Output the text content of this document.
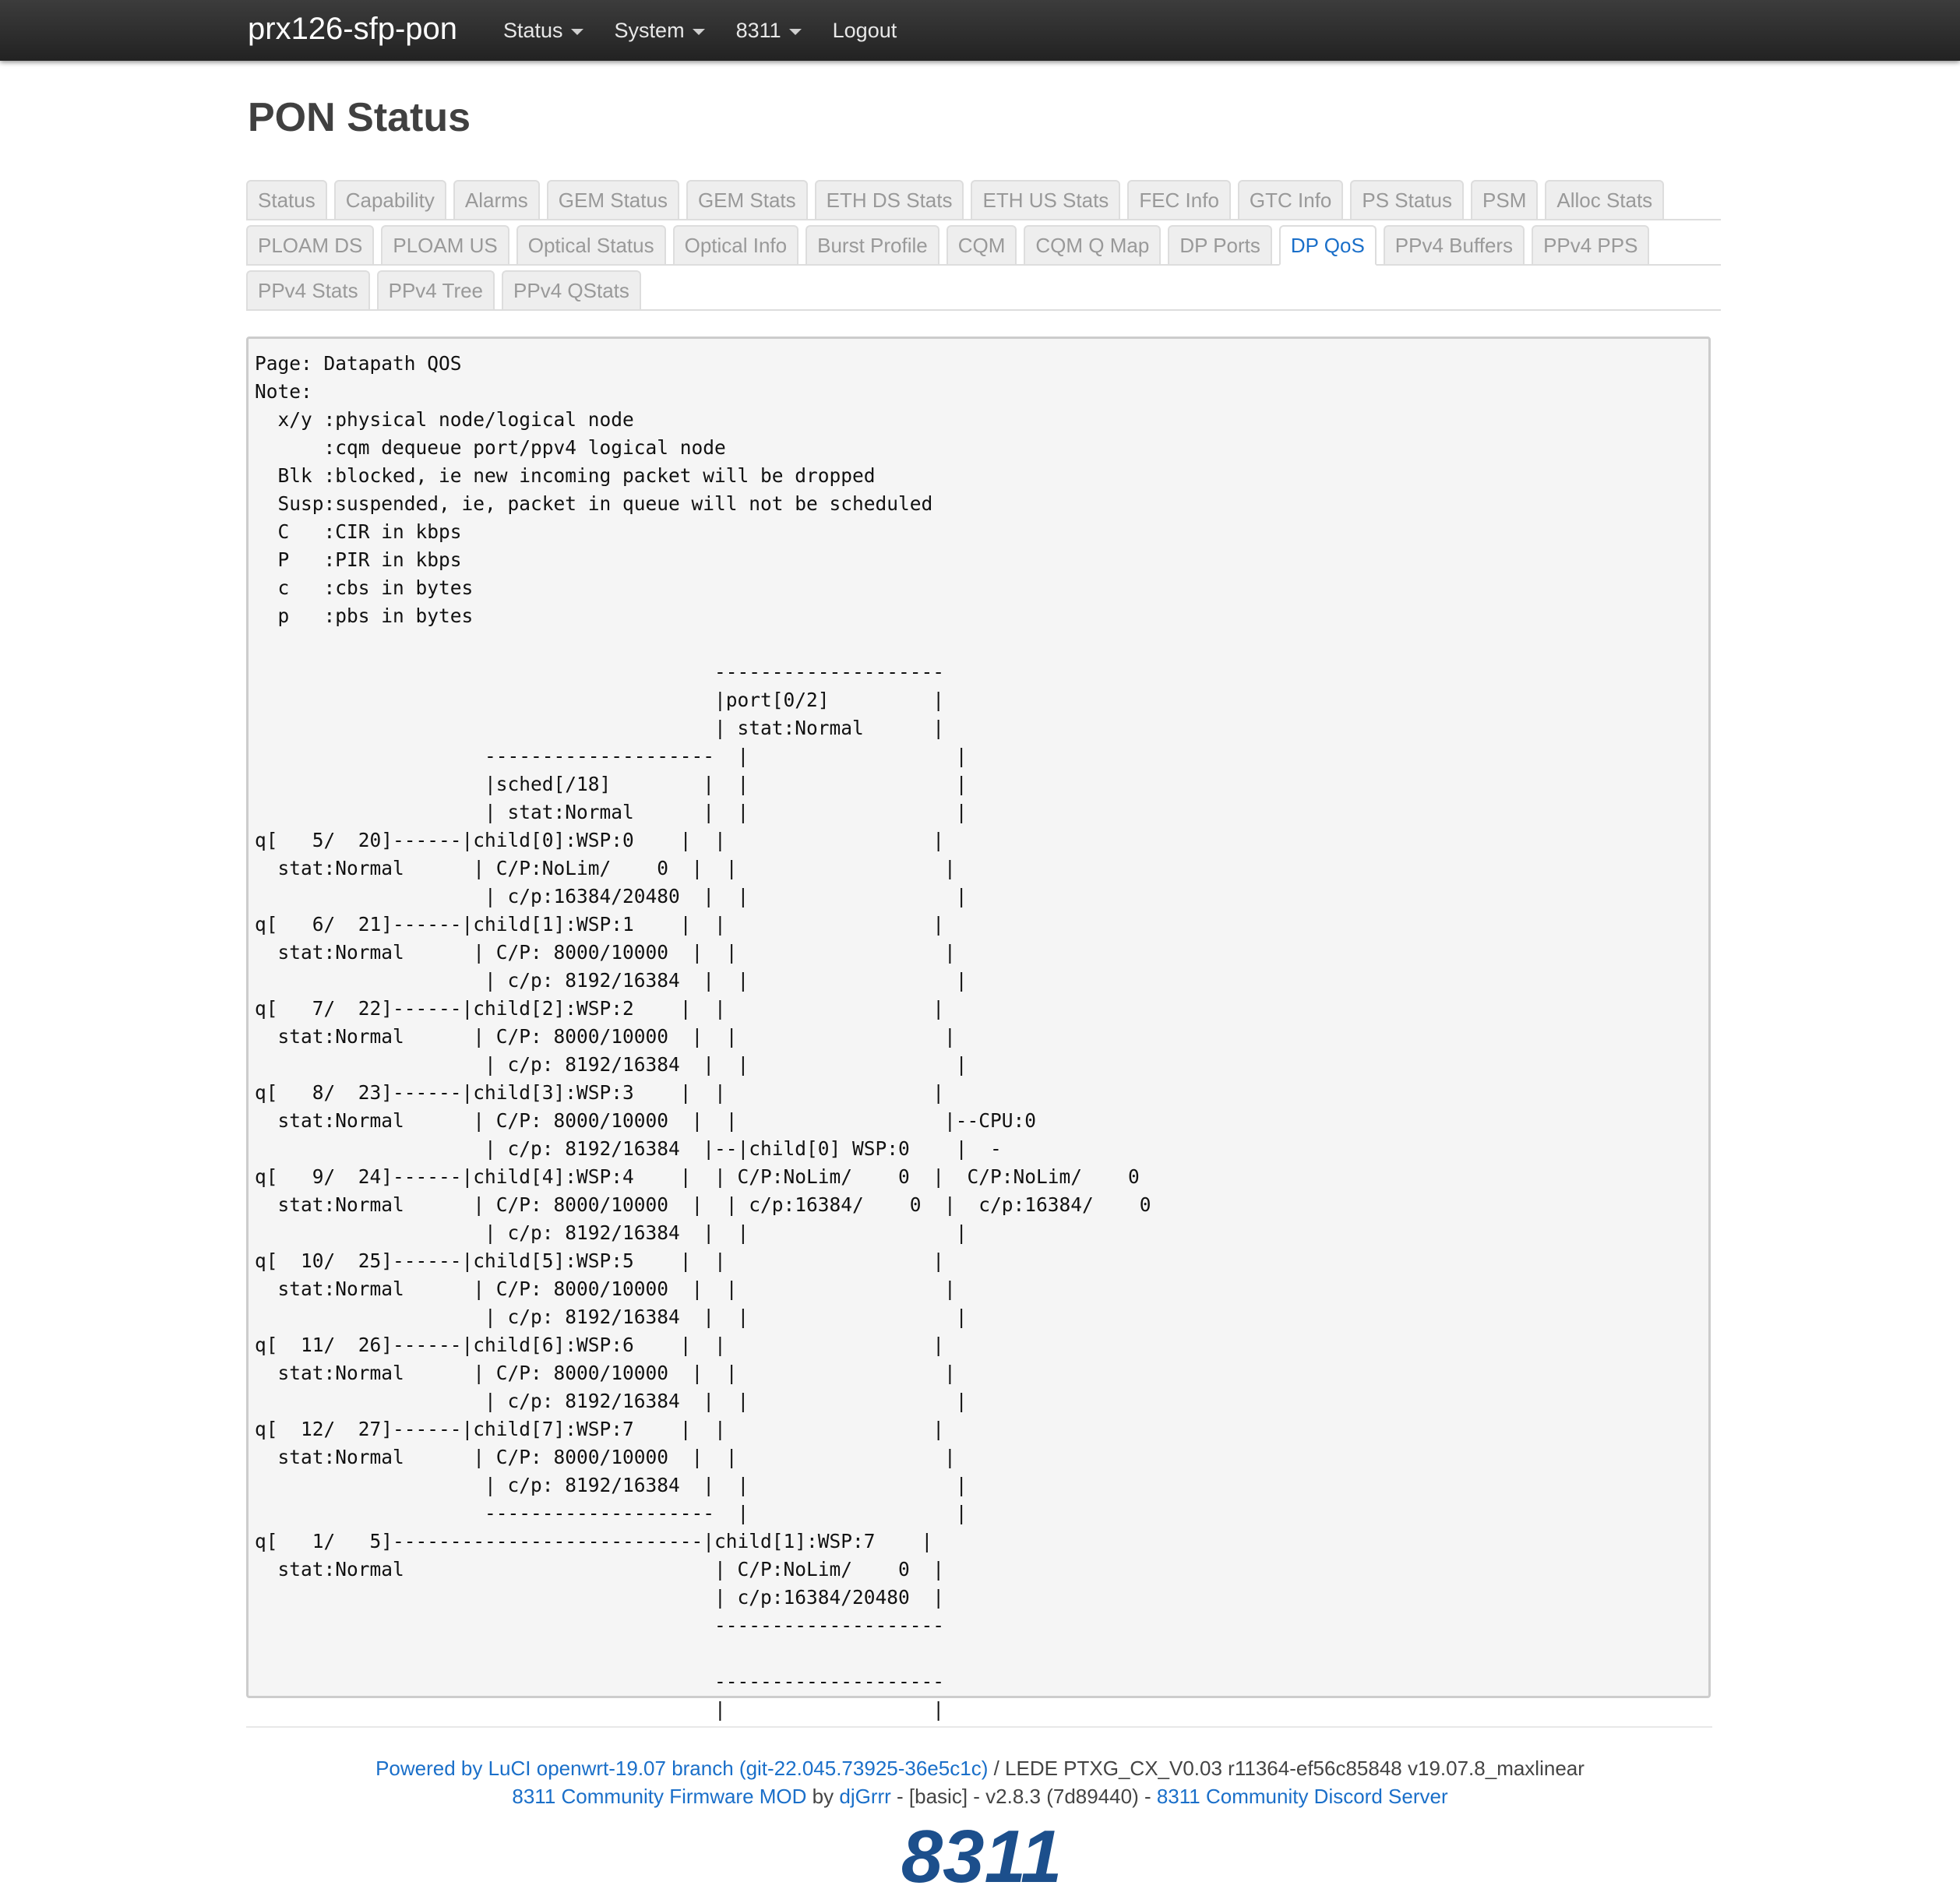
prx126-sfp-pon Status System 8311 Logout
PON Status
Status	Capability	Alarms	GEM Status	GEM Stats	ETH DS Stats	ETH US Stats	FEC Info	GTC Info	PS Status	PSM	Alloc Stats
PLOAM DS	PLOAM US	Optical Status	Optical Info	Burst Profile	CQM	CQM Q Map	DP Ports	DP QoS	PPv4 Buffers	PPv4 PPS
PPv4 Stats	PPv4 Tree	PPv4 QStats
Page: Datapath QOS
Note:
x/y :physical node/logical node
:cqm dequeue port/ppv4 logical node
Blk :blocked, ie new incoming packet will be dropped
Susp:suspended, ie, packet in queue will not be scheduled
C   :CIR in kbps
P   :PIR in kbps
c   :cbs in bytes
p   :pbs in bytes

--------------------
|port[0/2]         |
| stat:Normal      |
--------------------  |                  |
|sched[/18]        |  |                  |
| stat:Normal      |  |                  |
q[   5/  20]------|child[0]:WSP:0    |  |                  |
stat:Normal      | C/P:NoLim/    0  |  |                  |
| c/p:16384/20480  |  |                  |
q[   6/  21]------|child[1]:WSP:1    |  |                  |
stat:Normal      | C/P: 8000/10000  |  |                  |
| c/p: 8192/16384  |  |                  |
q[   7/  22]------|child[2]:WSP:2    |  |                  |
stat:Normal      | C/P: 8000/10000  |  |                  |
| c/p: 8192/16384  |  |                  |
q[   8/  23]------|child[3]:WSP:3    |  |                  |
stat:Normal      | C/P: 8000/10000  |  |                  |--CPU:0
| c/p: 8192/16384  |--|child[0] WSP:0    |  -
q[   9/  24]------|child[4]:WSP:4    |  | C/P:NoLim/    0  |  C/P:NoLim/    0
stat:Normal      | C/P: 8000/10000  |  | c/p:16384/    0  |  c/p:16384/    0
| c/p: 8192/16384  |  |                  |
q[  10/  25]------|child[5]:WSP:5    |  |                  |
stat:Normal      | C/P: 8000/10000  |  |                  |
| c/p: 8192/16384  |  |                  |
q[  11/  26]------|child[6]:WSP:6    |  |                  |
stat:Normal      | C/P: 8000/10000  |  |                  |
| c/p: 8192/16384  |  |                  |
q[  12/  27]------|child[7]:WSP:7    |  |                  |
stat:Normal      | C/P: 8000/10000  |  |                  |
| c/p: 8192/16384  |  |                  |
--------------------  |                  |
q[   1/   5]---------------------------|child[1]:WSP:7    |
stat:Normal                           | C/P:NoLim/    0  |
| c/p:16384/20480  |
--------------------

--------------------
|                  |
Powered by LuCI openwrt-19.07 branch (git-22.045.73925-36e5c1c) / LEDE PTXG_CX_V0.03 r11364-ef56c85848 v19.07.8_maxlinear
8311 Community Firmware MOD by djGrrr - [basic] - v2.8.3 (7d89440) - 8311 Community Discord Server
8311
